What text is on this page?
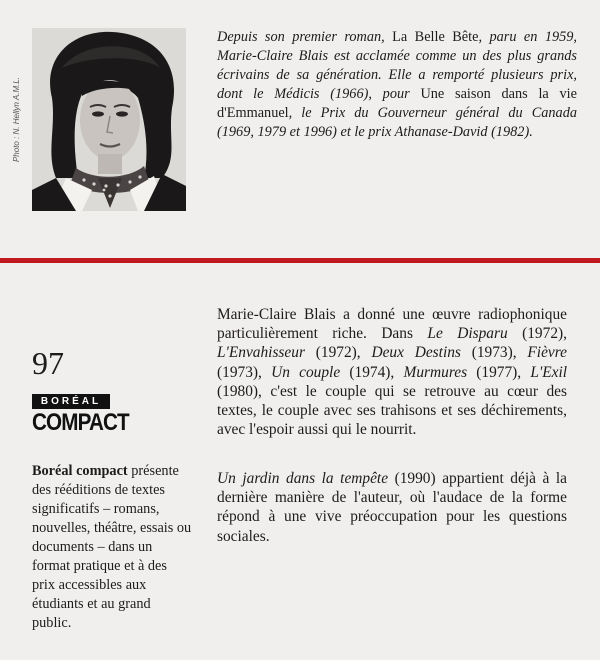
Photo : N. Hellyn A.M.L.

Depuis son premier roman, La Belle Bête, paru en 1959, Marie-Claire Blais est acclamée comme un des plus grands écrivains de sa génération. Elle a remporté plusieurs prix, dont le Médicis (1966), pour Une saison dans la vie d'Emmanuel, le Prix du Gouverneur général du Canada (1969, 1979 et 1996) et le prix Athanase-David (1982).

97
BORÉAL
COMPACT

Boréal compact présente des rééditions de textes significatifs – romans, nouvelles, théâtre, essais ou documents – dans un format pratique et à des prix accessibles aux étudiants et au grand public.

Marie-Claire Blais a donné une œuvre radiophonique particulièrement riche. Dans Le Disparu (1972), L'Envahisseur (1972), Deux Destins (1973), Fièvre (1973), Un couple (1974), Murmures (1977), L'Exil (1980), c'est le couple qui se retrouve au cœur des textes, le couple avec ses trahisons et ses déchirements, avec l'espoir aussi qui le nourrit.

Un jardin dans la tempête (1990) appartient déjà à la dernière manière de l'auteur, où l'audace de la forme répond à une vive préoccupation pour les questions sociales.
